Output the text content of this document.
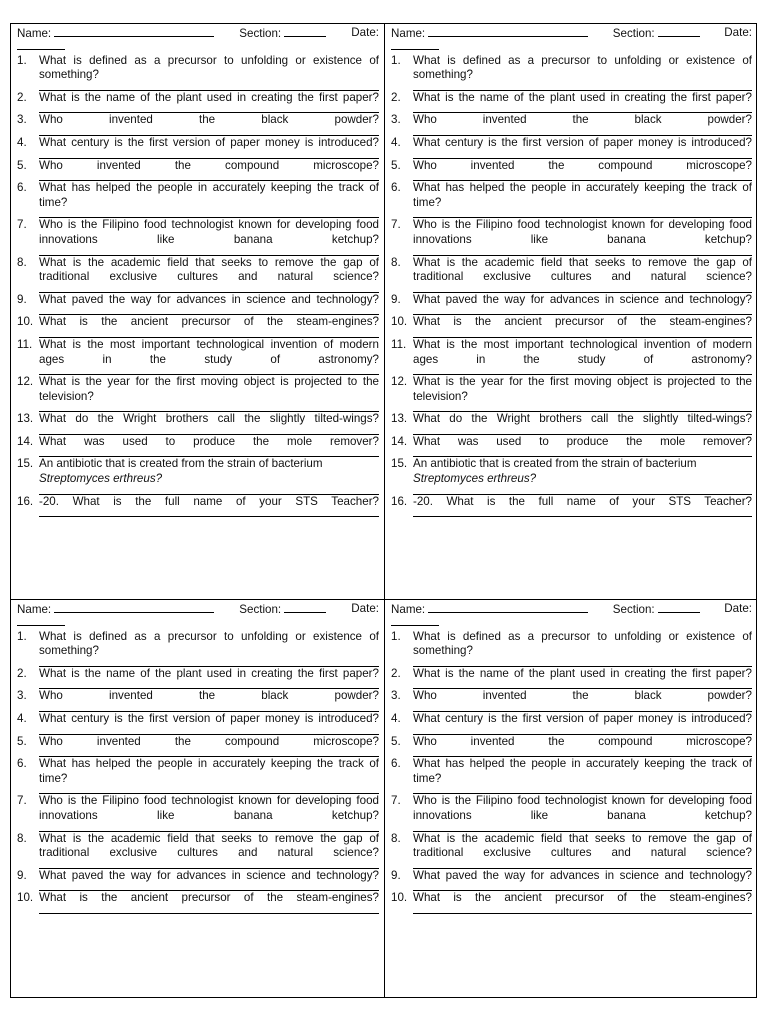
Name:	Section:	Date:
1.	What is defined as a precursor to unfolding or existence of something?
2.	What is the name of the plant used in creating the first paper?
3.	Who invented the black powder?
4.	What century is the first version of paper money is introduced?
5.	Who invented the compound microscope?
6.	What has helped the people in accurately keeping the track of time?
7.	Who is the Filipino food technologist known for developing food innovations like banana ketchup?
8.	What is the academic field that seeks to remove the gap of traditional exclusive cultures and natural science?
9.	What paved the way for advances in science and technology?
10. What is the ancient precursor of the steam-engines?
11. What is the most important technological invention of modern ages in the study of astronomy?
12. What is the year for the first moving object is projected to the television?
13. What do the Wright brothers call the slightly tilted-wings?
14. What was used to produce the mole remover?
15. An antibiotic that is created from the strain of bacterium
Streptomyces erthreus?
16. -20. What is the full name of your STS Teacher?
Name:	Section:	Date:
1.	What is defined as a precursor to unfolding or existence of something?
2.	What is the name of the plant used in creating the first paper?
3.	Who invented the black powder?
4.	What century is the first version of paper money is introduced?
5.	Who invented the compound microscope?
6.	What has helped the people in accurately keeping the track of time?
7.	Who is the Filipino food technologist known for developing food innovations like banana ketchup?
8.	What is the academic field that seeks to remove the gap of traditional exclusive cultures and natural science?
9.	What paved the way for advances in science and technology?
10. What is the ancient precursor of the steam-engines?
11. What is the most important technological invention of modern ages in the study of astronomy?
12. What is the year for the first moving object is projected to the television?
13. What do the Wright brothers call the slightly tilted-wings?
14. What was used to produce the mole remover?
15. An antibiotic that is created from the strain of bacterium
Streptomyces erthreus?
16. -20. What is the full name of your STS Teacher?
Name:	Section:	Date:
1.	What is defined as a precursor to unfolding or existence of something?
2.	What is the name of the plant used in creating the first paper?
3.	Who invented the black powder?
4.	What century is the first version of paper money is introduced?
5.	Who invented the compound microscope?
6.	What has helped the people in accurately keeping the track of time?
7.	Who is the Filipino food technologist known for developing food innovations like banana ketchup?
8.	What is the academic field that seeks to remove the gap of traditional exclusive cultures and natural science?
9.	What paved the way for advances in science and technology?
10. What is the ancient precursor of the steam-engines?
Name:	Section:	Date:
1.	What is defined as a precursor to unfolding or existence of something?
2.	What is the name of the plant used in creating the first paper?
3.	Who invented the black powder?
4.	What century is the first version of paper money is introduced?
5.	Who invented the compound microscope?
6.	What has helped the people in accurately keeping the track of time?
7.	Who is the Filipino food technologist known for developing food innovations like banana ketchup?
8.	What is the academic field that seeks to remove the gap of traditional exclusive cultures and natural science?
9.	What paved the way for advances in science and technology?
10. What is the ancient precursor of the steam-engines?
